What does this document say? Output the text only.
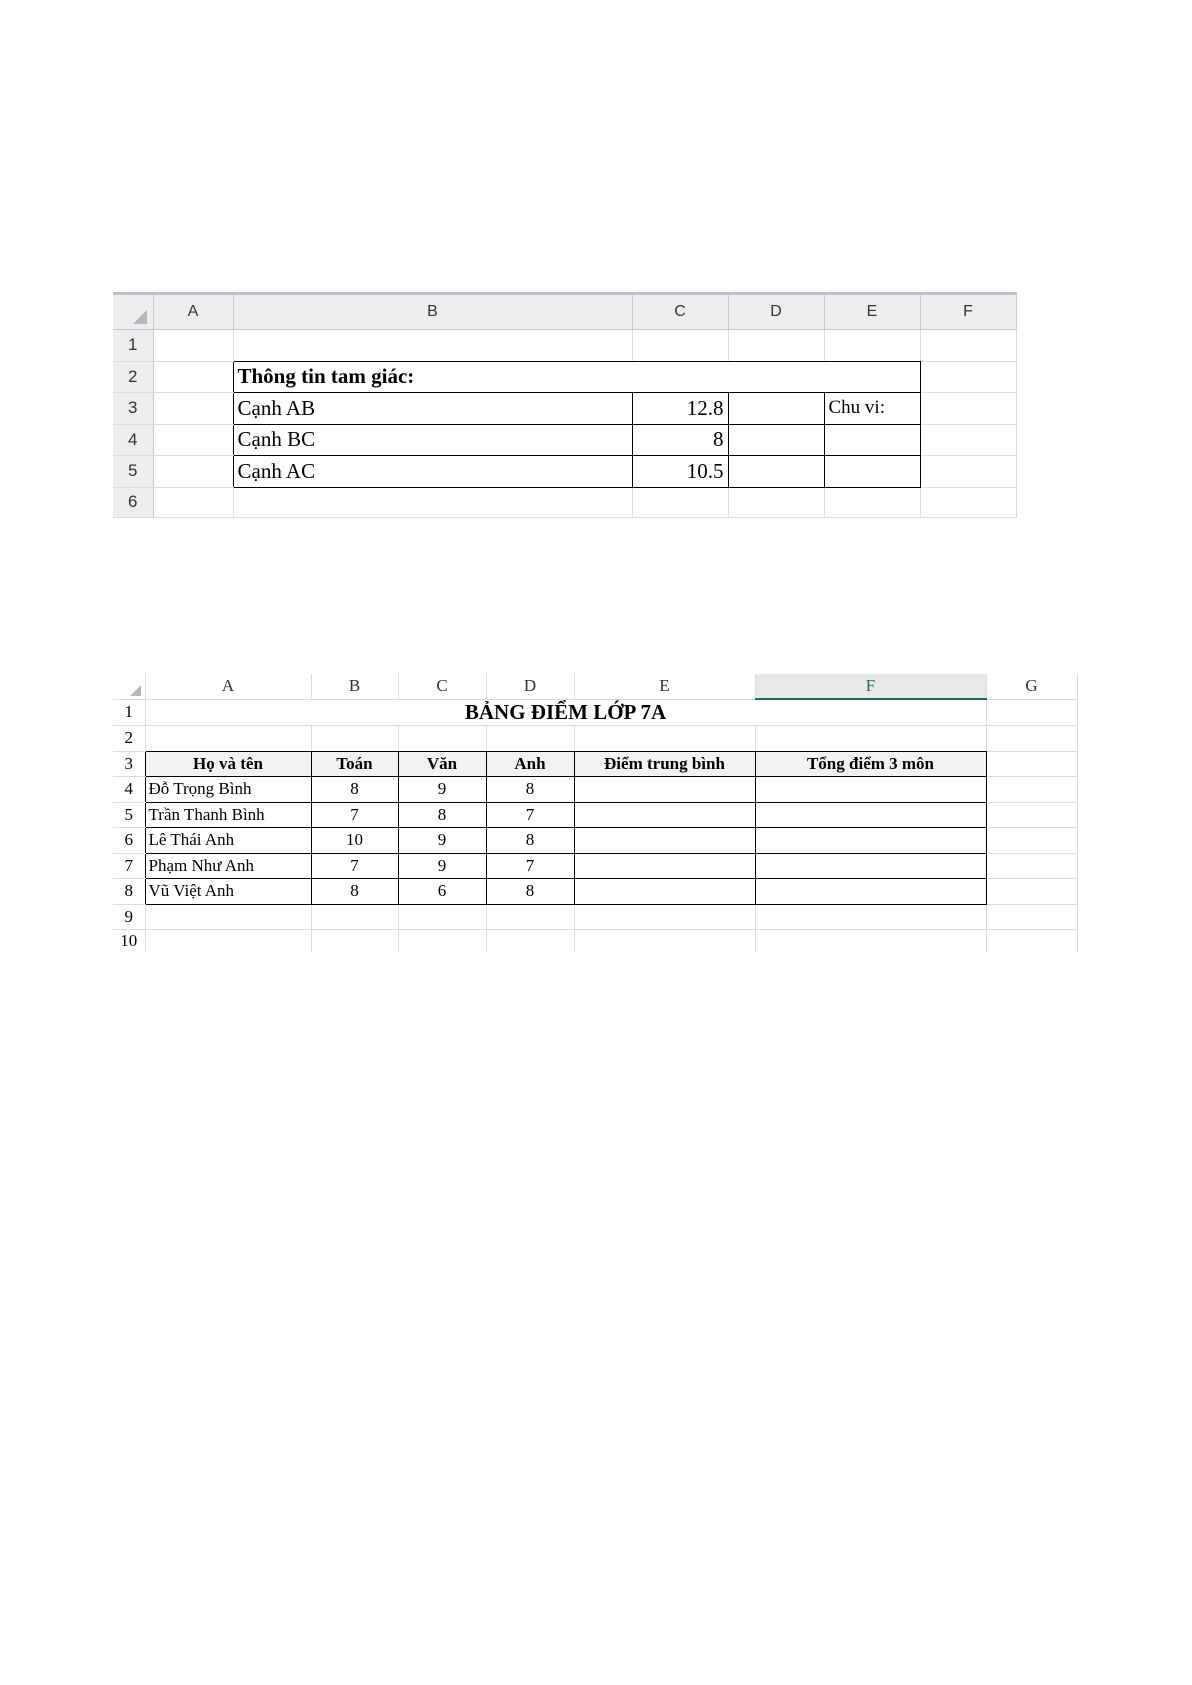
	A	B	C	D	E	F
1						
2		Thông tin tam giác:				
3		Cạnh AB	12.8		Chu vi:	
4		Cạnh BC	8			
5		Cạnh AC	10.5			
6						
	A	B	C	D	E	F	G
1	BẢNG ĐIỂM LỚP 7A						
2							
3	Họ và tên	Toán	Văn	Anh	Điểm trung bình	Tổng điểm 3 môn	
4	Đỗ Trọng Bình	8	9	8			
5	Trần Thanh Bình	7	8	7			
6	Lê Thái Anh	10	9	8			
7	Phạm Như Anh	7	9	7			
8	Vũ Việt Anh	8	6	8			
9							
10							
